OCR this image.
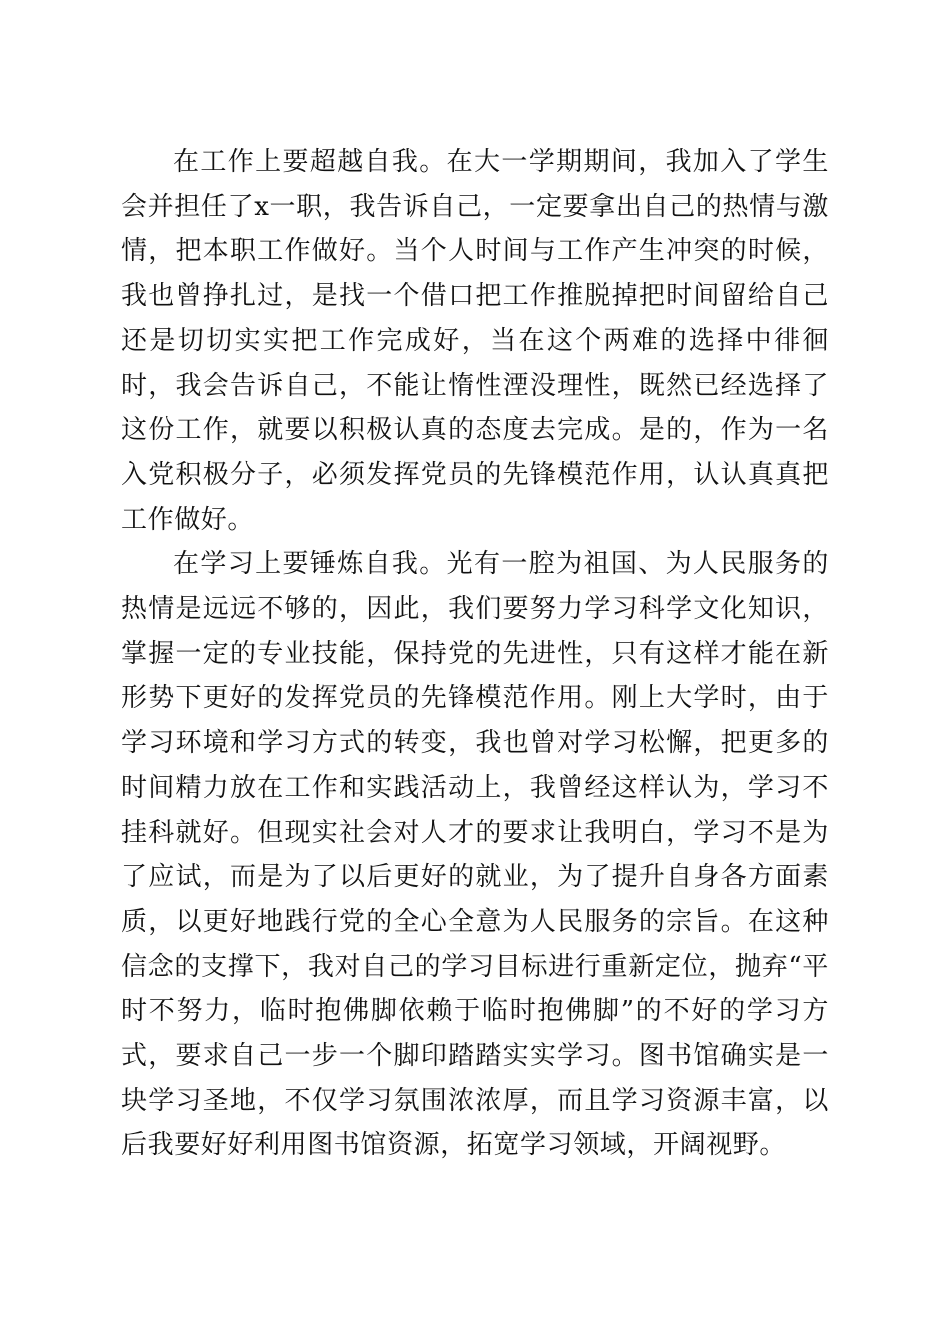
在工作上要超越自我。在大一学期期间，我加入了学生会并担任了x一职，我告诉自己，一定要拿出自己的热情与激情，把本职工作做好。当个人时间与工作产生冲突的时候，我也曾挣扎过，是找一个借口把工作推脱掉把时间留给自己还是切切实实把工作完成好，当在这个两难的选择中徘徊时，我会告诉自己，不能让惰性湮没理性，既然已经选择了这份工作，就要以积极认真的态度去完成。是的，作为一名入党积极分子，必须发挥党员的先锋模范作用，认认真真把工作做好。

在学习上要锤炼自我。光有一腔为祖国、为人民服务的热情是远远不够的，因此，我们要努力学习科学文化知识，掌握一定的专业技能，保持党的先进性，只有这样才能在新形势下更好的发挥党员的先锋模范作用。刚上大学时，由于学习环境和学习方式的转变，我也曾对学习松懈，把更多的时间精力放在工作和实践活动上，我曾经这样认为，学习不挂科就好。但现实社会对人才的要求让我明白，学习不是为了应试，而是为了以后更好的就业，为了提升自身各方面素质，以更好地践行党的全心全意为人民服务的宗旨。在这种信念的支撑下，我对自己的学习目标进行重新定位，抛弃“平时不努力，临时抱佛脚依赖于临时抱佛脚”的不好的学习方式，要求自己一步一个脚印踏踏实实学习。图书馆确实是一块学习圣地，不仅学习氛围浓浓厚，而且学习资源丰富，以后我要好好利用图书馆资源，拓宽学习领域，开阔视野。
